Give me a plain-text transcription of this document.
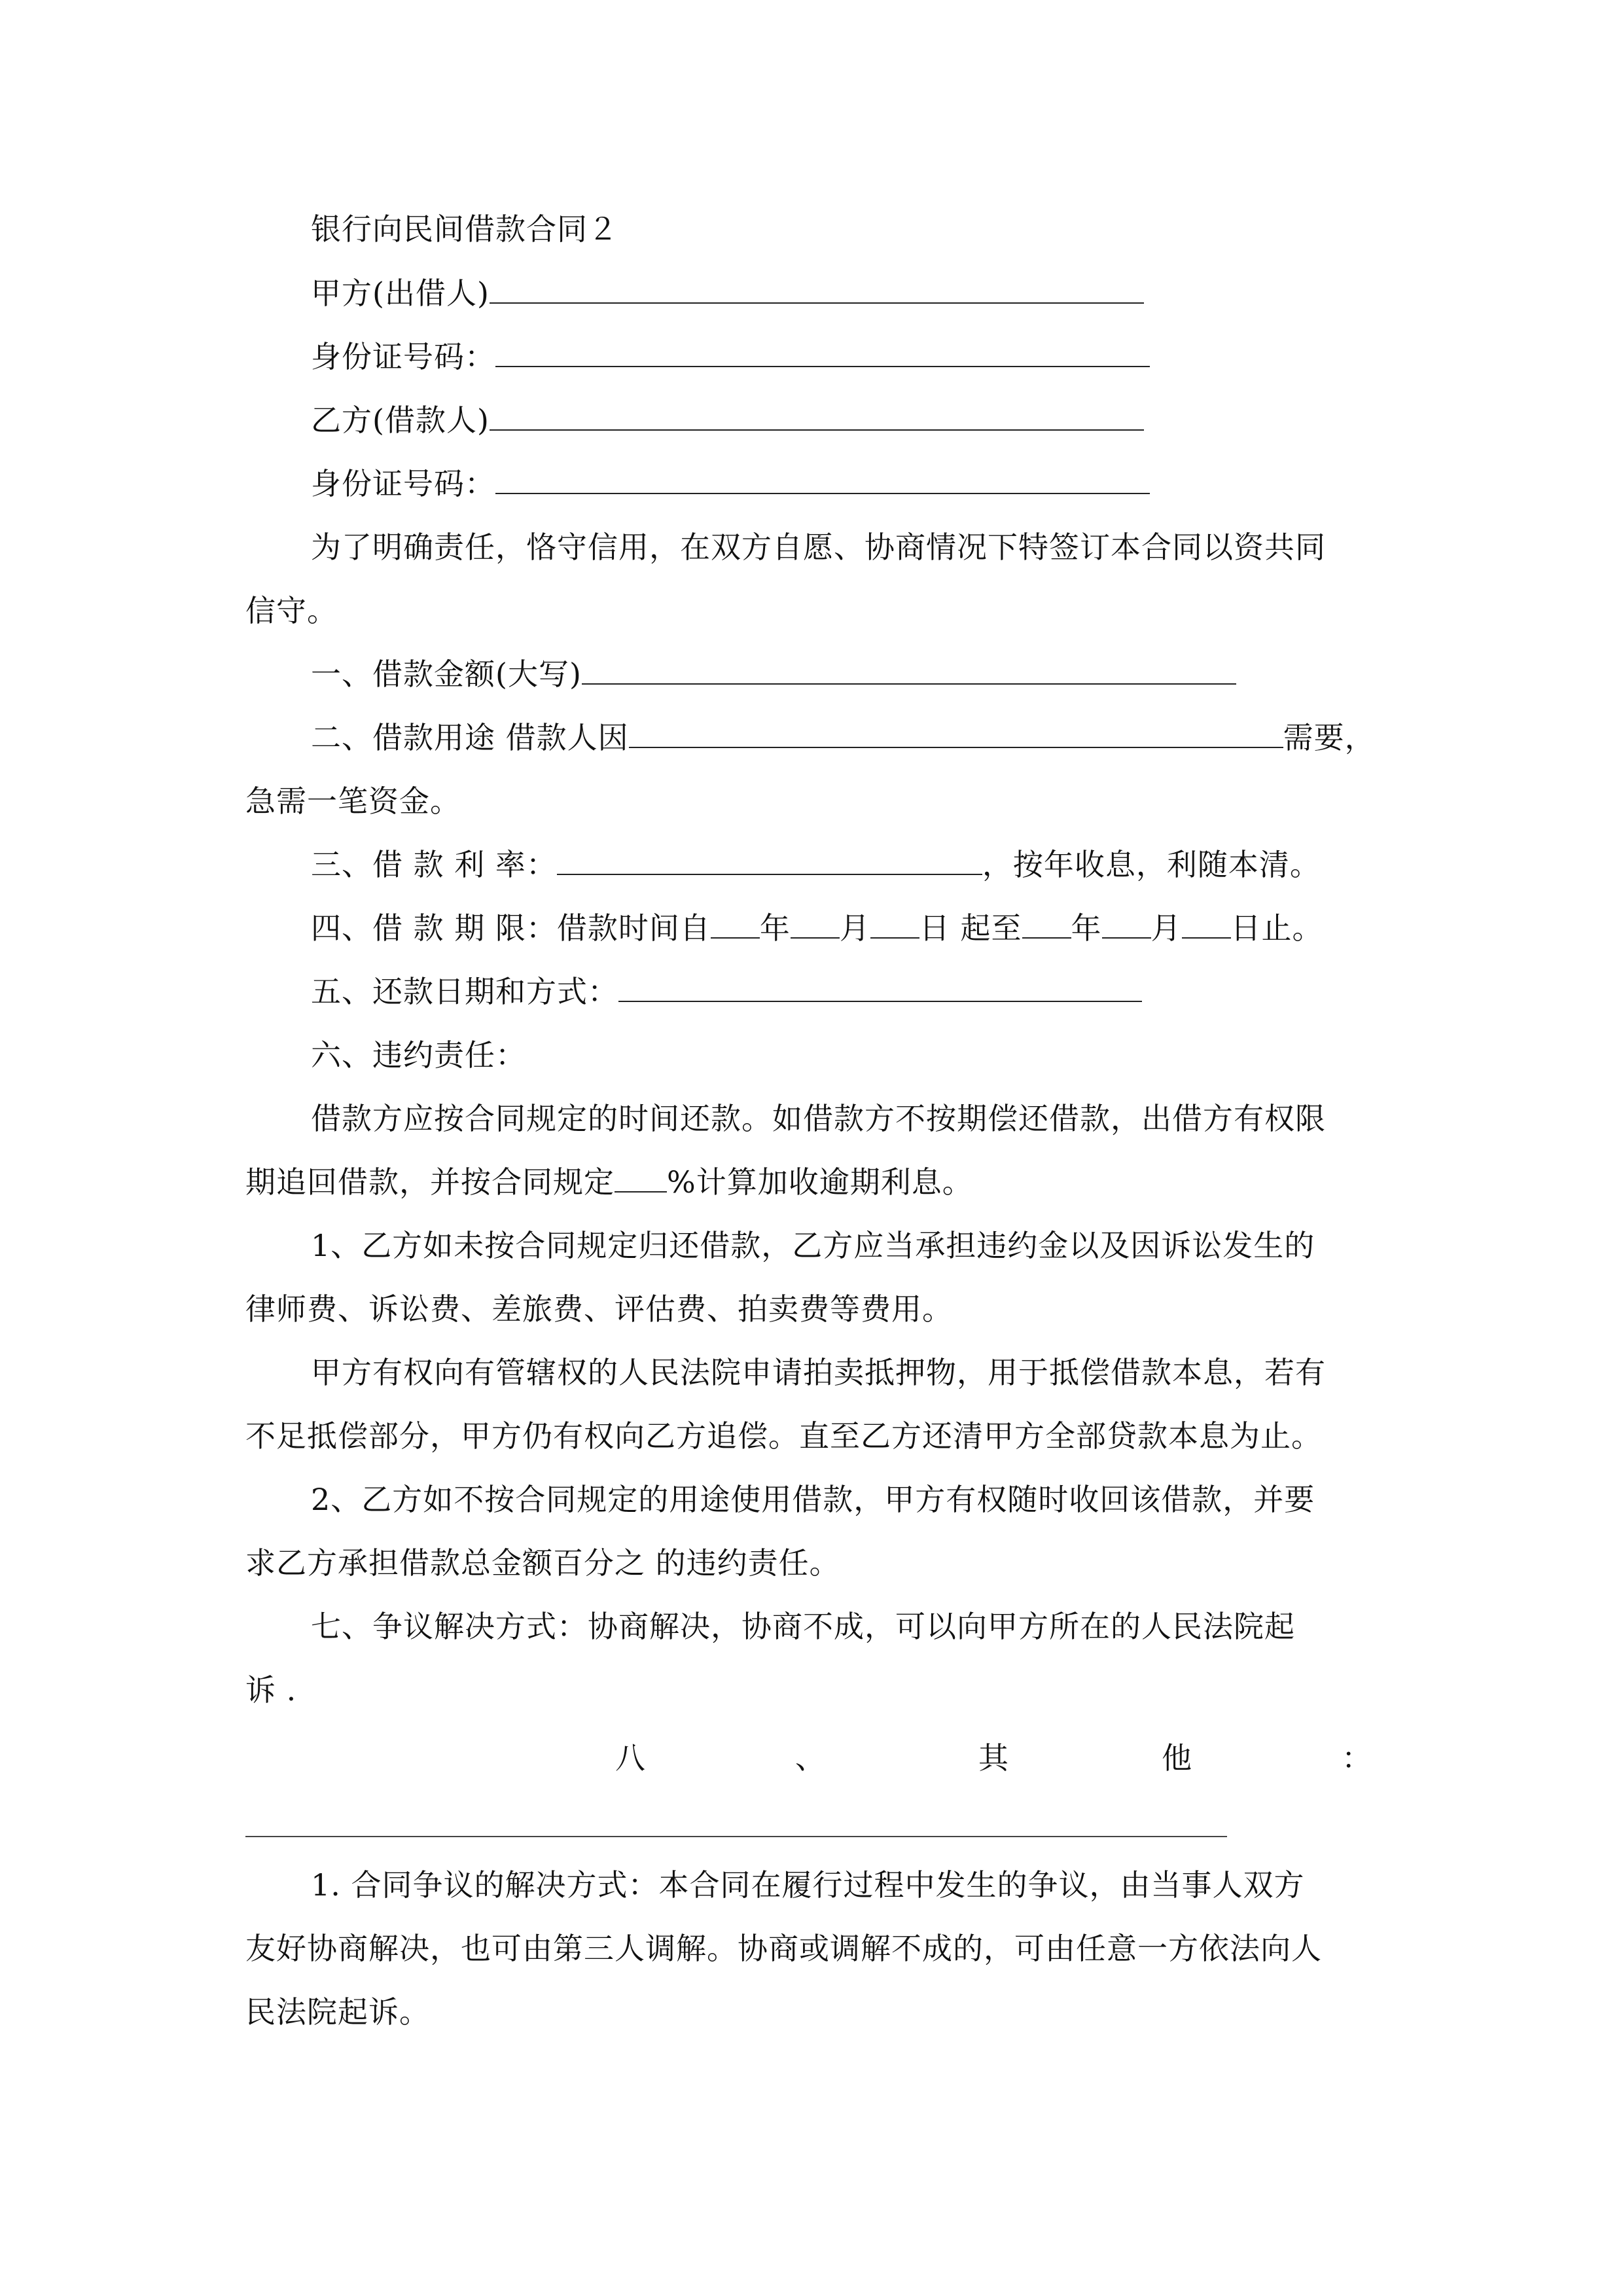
银行向民间借款合同２
甲方(出借人)
身份证号码：
乙方(借款人)
身份证号码：
为了明确责任，恪守信用，在双方自愿、协商情况下特签订本合同以资共同
信守。
一、借款金额(大写)
二、借款用途 借款人因	需要，
急需一笔资金。
三、借 款 利 率：	，按年收息，利随本清。
四、借 款 期 限：借款时间自 年 月 日 起至 年 月 日止。
五、还款日期和方式：
六、违约责任：
借款方应按合同规定的时间还款。如借款方不按期偿还借款，出借方有权限
期追回借款，并按合同规定 %计算加收逾期利息。
1、乙方如未按合同规定归还借款，乙方应当承担违约金以及因诉讼发生的
律师费、诉讼费、差旅费、评估费、拍卖费等费用。
甲方有权向有管辖权的人民法院申请拍卖抵押物，用于抵偿借款本息，若有
不足抵偿部分，甲方仍有权向乙方追偿。直至乙方还清甲方全部贷款本息为止。
2、乙方如不按合同规定的用途使用借款，甲方有权随时收回该借款，并要
求乙方承担借款总金额百分之 的违约责任。
七、争议解决方式：协商解决，协商不成，可以向甲方所在的人民法院起
诉 .
八	、	其	他	：
1. 合同争议的解决方式：本合同在履行过程中发生的争议，由当事人双方
友好协商解决，也可由第三人调解。协商或调解不成的，可由任意一方依法向人
民法院起诉。
